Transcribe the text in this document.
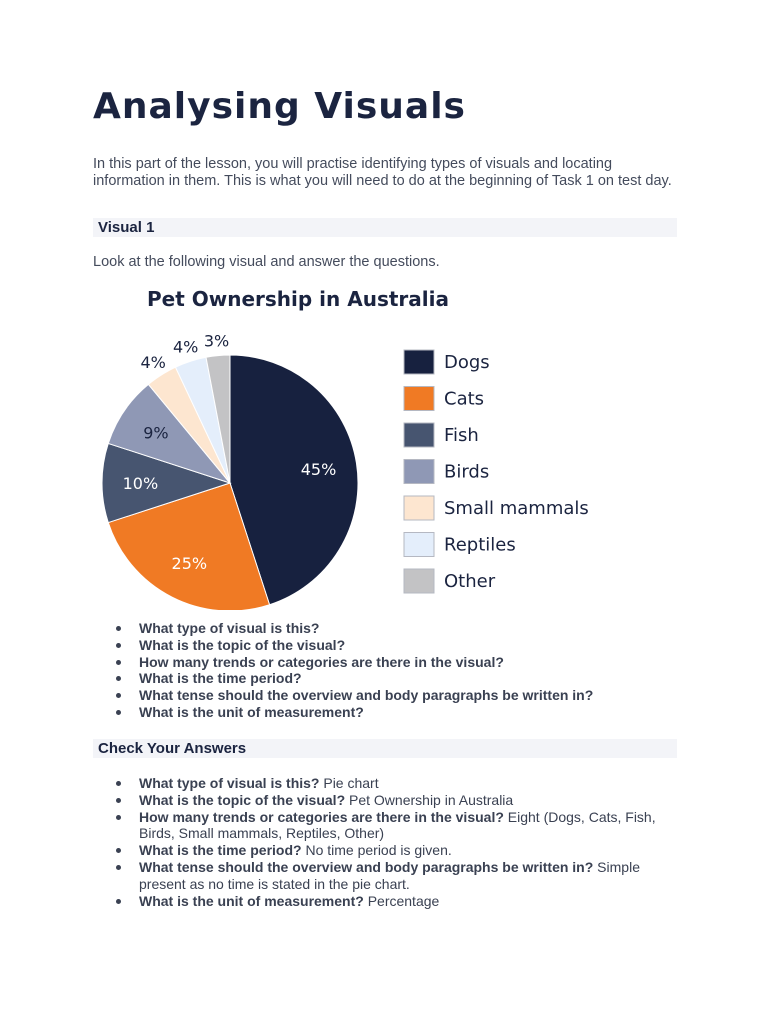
Analysing Visuals

In this part of the lesson, you will practise identifying types of visuals and locating information in them. This is what you will need to do at the beginning of Task 1 on test day.

Visual 1

Look at the following visual and answer the questions.

Pet Ownership in Australia
45%
25%
10%
9%
4%
4% 3%
Dogs
Cats
Fish
Birds
Small mammals
Reptiles
Other
What type of visual is this?
What is the topic of the visual?
How many trends or categories are there in the visual?
What is the time period?
What tense should the overview and body paragraphs be written in?
What is the unit of measurement?
Check Your Answers
What type of visual is this? Pie chart
What is the topic of the visual? Pet Ownership in Australia
How many trends or categories are there in the visual? Eight (Dogs, Cats, Fish, Birds, Small mammals, Reptiles, Other)
What is the time period? No time period is given.
What tense should the overview and body paragraphs be written in? Simple present as no time is stated in the pie chart.
What is the unit of measurement? Percentage
